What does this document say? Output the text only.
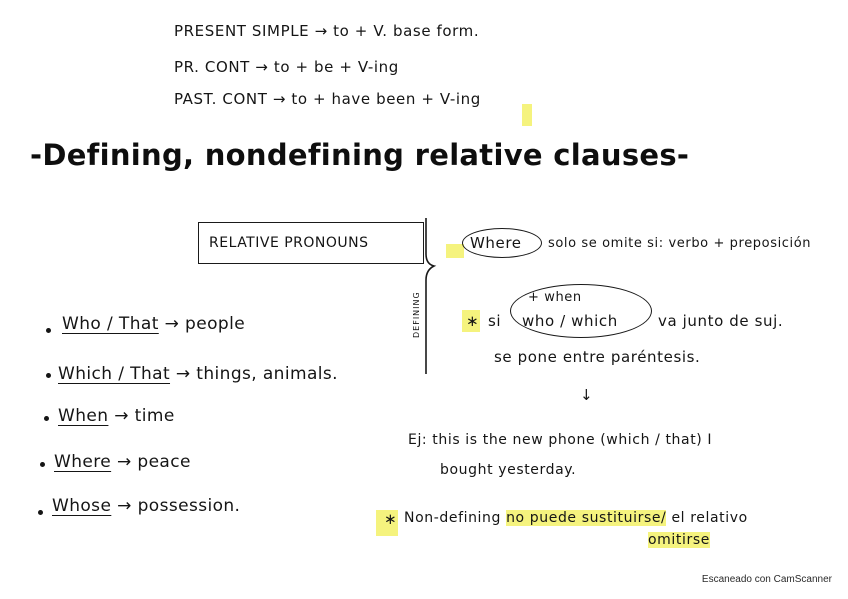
PRESENT SIMPLE → to + V. base form.
PR. CONT → to + be + V-ing
PAST. CONT → to + have been + V-ing
-Defining, nondefining relative clauses-
RELATIVE PRONOUNS
DEFINING
Who / That → people
Which / That → things, animals.
When → time
Where → peace
Whose → possession.
Where solo se omite si: verbo + preposición
+ when
∗ si who / which	va junto de suj.
se pone entre paréntesis.
↓
Ej: this is the new phone (which / that) I
bought yesterday.
∗ Non-defining no puede sustituirse/ el relativo
omitirse
Escaneado con CamScanner
